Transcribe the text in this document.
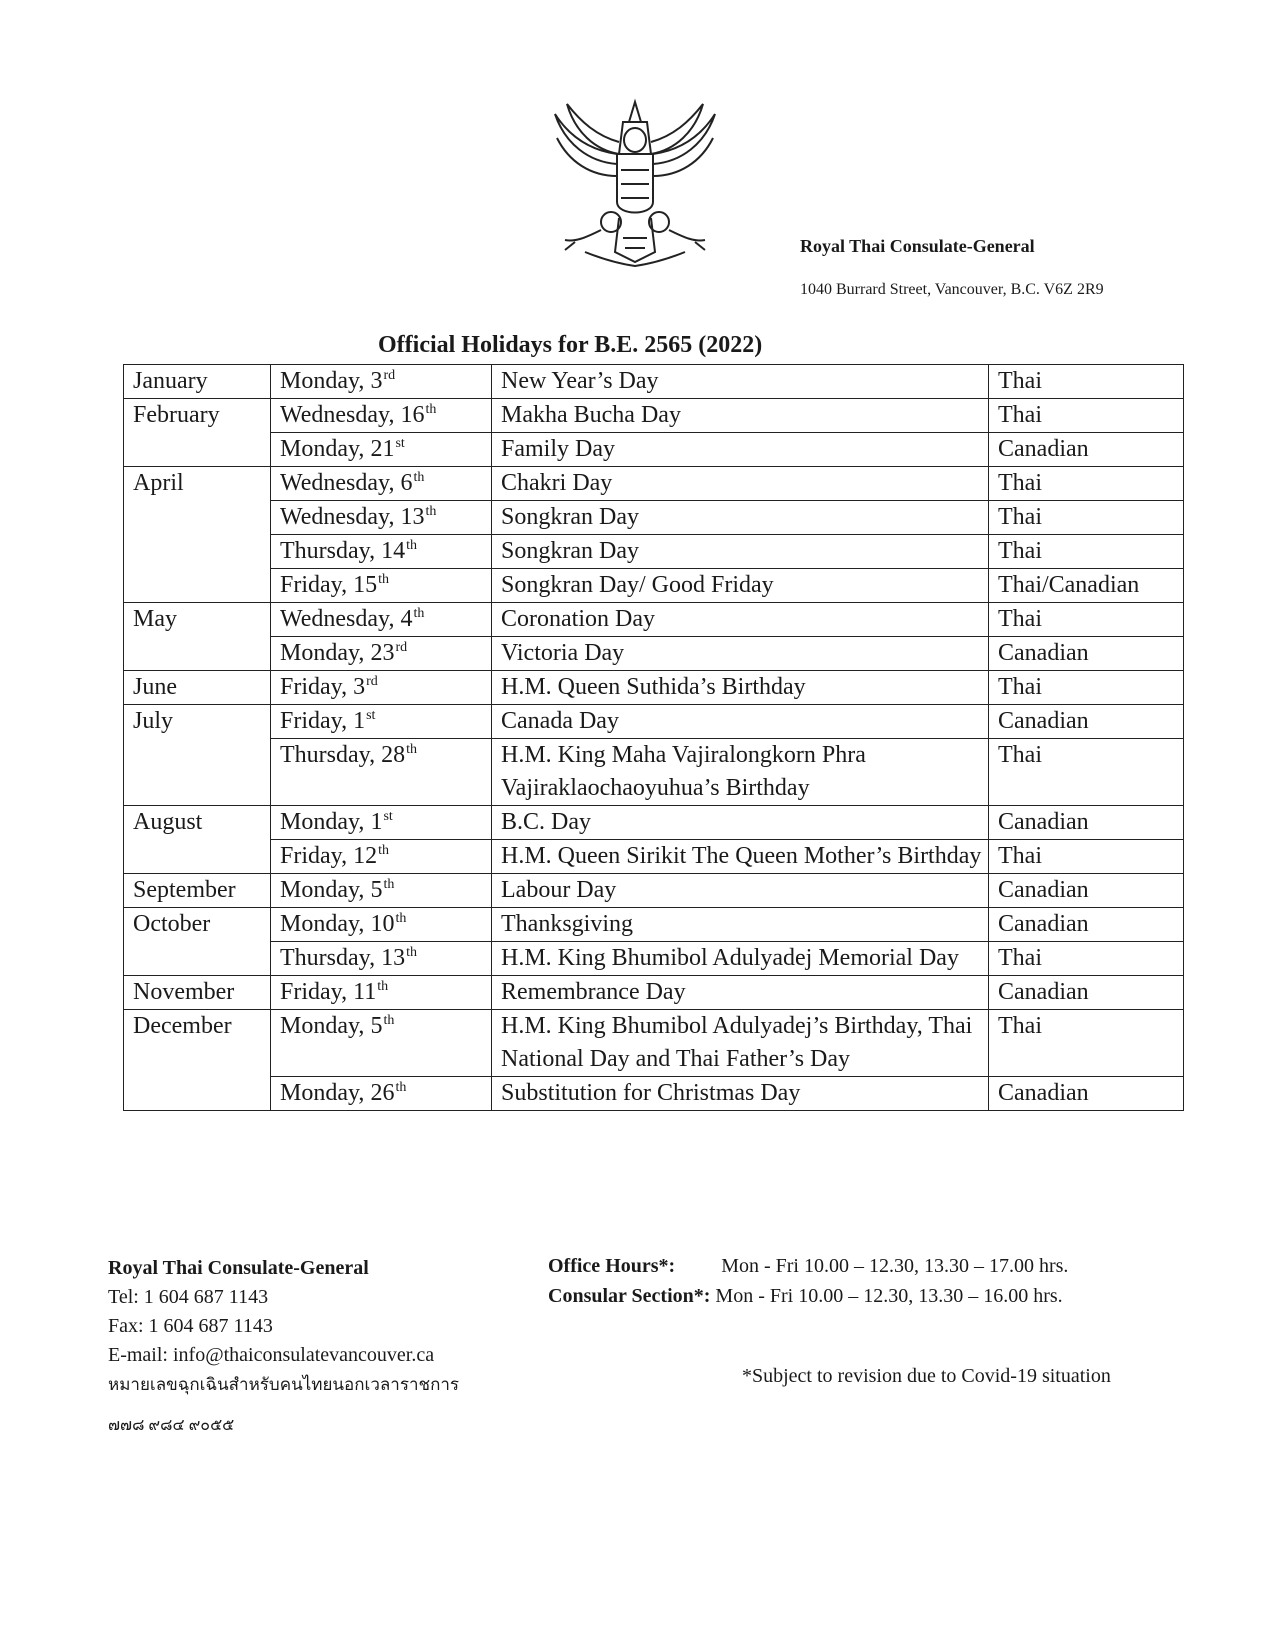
Royal Thai Consulate-General
1040 Burrard Street, Vancouver, B.C. V6Z 2R9
Official Holidays for B.E. 2565 (2022)
January	Monday, 3rd	New Year’s Day	Thai
February	Wednesday, 16th	Makha Bucha Day	Thai
	Monday, 21st	Family Day	Canadian
April	Wednesday, 6th	Chakri Day	Thai
	Wednesday, 13th	Songkran Day	Thai
	Thursday, 14th	Songkran Day	Thai
	Friday, 15th	Songkran Day/ Good Friday	Thai/Canadian
May	Wednesday, 4th	Coronation Day	Thai
	Monday, 23rd	Victoria Day	Canadian
June	Friday, 3rd	H.M. Queen Suthida’s Birthday	Thai
July	Friday, 1st	Canada Day	Canadian
	Thursday, 28th	H.M. King Maha Vajiralongkorn Phra Vajiraklaochaoyuhua’s Birthday	Thai
August	Monday, 1st	B.C. Day	Canadian
	Friday, 12th	H.M. Queen Sirikit The Queen Mother’s Birthday	Thai
September	Monday, 5th	Labour Day	Canadian
October	Monday, 10th	Thanksgiving	Canadian
	Thursday, 13th	H.M. King Bhumibol Adulyadej Memorial Day	Thai
November	Friday, 11th	Remembrance Day	Canadian
December	Monday, 5th	H.M. King Bhumibol Adulyadej’s Birthday, Thai National Day and Thai Father’s Day	Thai
	Monday, 26th	Substitution for Christmas Day	Canadian
Royal Thai Consulate-General
Tel: 1 604 687 1143
Fax: 1 604 687 1143
E-mail: info@thaiconsulatevancouver.ca
หมายเลขฉุกเฉินสำหรับคนไทยนอกเวลาราชการ
๗๗๘ ๙๘๔ ๙๐๕๕
Office Hours*: Mon - Fri 10.00 – 12.30, 13.30 – 17.00 hrs.
Consular Section*: Mon - Fri 10.00 – 12.30, 13.30 – 16.00 hrs.
*Subject to revision due to Covid-19 situation
